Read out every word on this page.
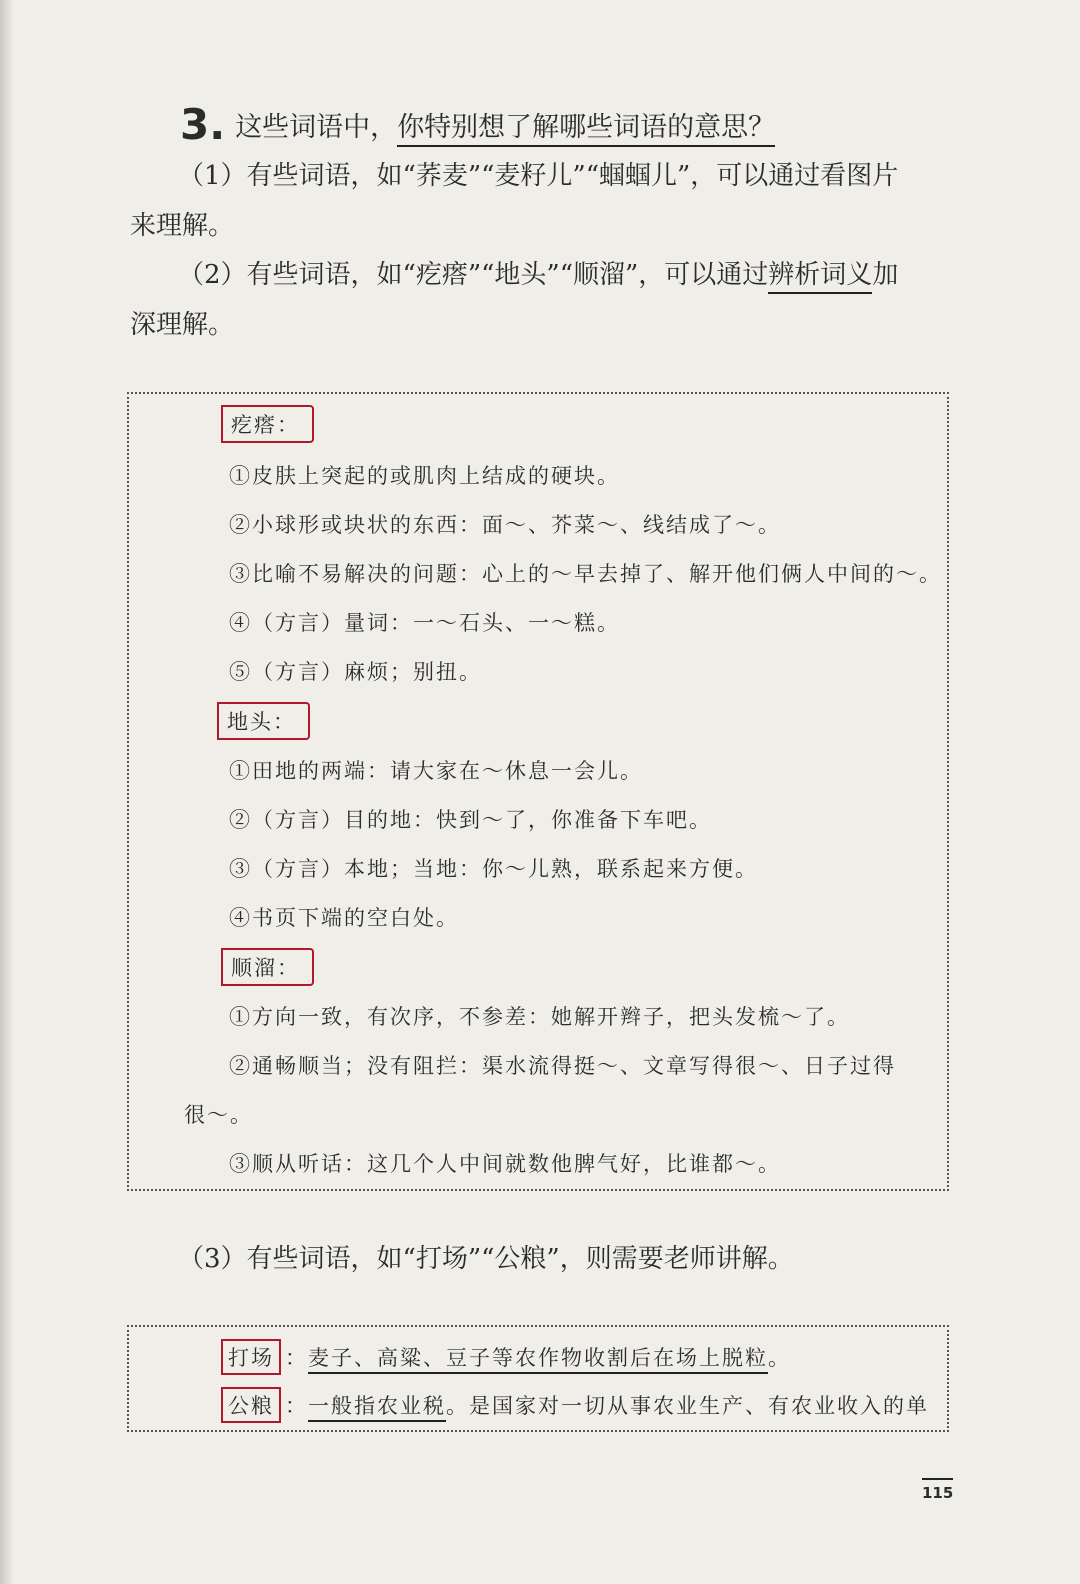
3. 这些词语中，你特别想了解哪些词语的意思？
（1）有些词语，如“荞麦”“麦籽儿”“蝈蝈儿”，可以通过看图片
来理解。
（2）有些词语，如“疙瘩”“地头”“顺溜”，可以通过辨析词义加
深理解。
疙瘩：
①皮肤上突起的或肌肉上结成的硬块。
②小球形或块状的东西：面～、芥菜～、线结成了～。
③比喻不易解决的问题：心上的～早去掉了、解开他们俩人中间的～。
④（方言）量词：一～石头、一～糕。
⑤（方言）麻烦；别扭。
地头：
①田地的两端：请大家在～休息一会儿。
②（方言）目的地：快到～了，你准备下车吧。
③（方言）本地；当地：你～儿熟，联系起来方便。
④书页下端的空白处。
顺溜：
①方向一致，有次序，不参差：她解开辫子，把头发梳～了。
②通畅顺当；没有阻拦：渠水流得挺～、文章写得很～、日子过得
很～。
③顺从听话：这几个人中间就数他脾气好，比谁都～。
（3）有些词语，如“打场”“公粮”，则需要老师讲解。
打场 ：麦子、高粱、豆子等农作物收割后在场上脱粒。
公粮 ：一般指农业税。是国家对一切从事农业生产、有农业收入的单
115
